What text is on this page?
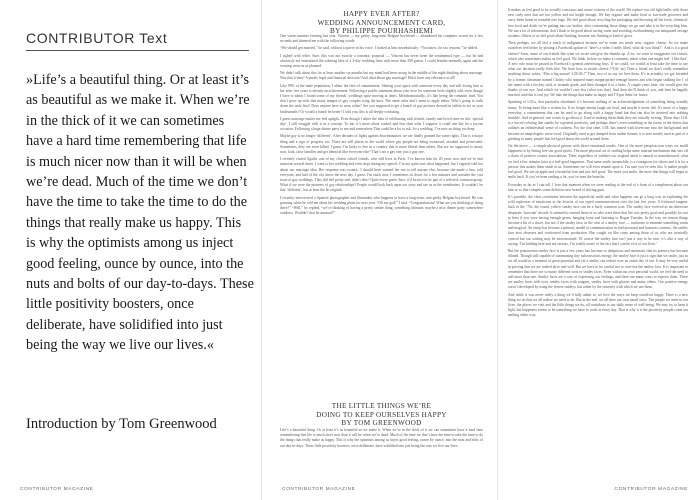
CONTRIBUTOR Text

»Life’s a beautiful thing. Or at least it’s as beautiful as we make it. When we’re in the thick of it we can sometimes have a hard time remembering that life is much nicer now than it will be when we’re dead. Much of the time we don’t have the time to take the time to do the things that really make us happy. This is why the optimists among us inject good feeling, ounce by ounce, into the nuts and bolts of our day-to-days. These little positivity boosters, once deliberate, have solidified into just being the way we live our lives.«

Introduction by Tom Greenwood

CONTRIBUTOR MAGAZINE

HAPPY EVER AFTER?

WEDDING ANNOUNCEMENT CARD,

BY PHILIPPE POURHASHEMI

One warm summer evening last year, Vincent — my geeky, long-term Belgian boyfriend — abandoned his computer screen for a few seconds and alarmed me with the following words:

“We should get married,” he said, without a quiver in his voice. I looked at him incredulously: “You know, for tax reasons,” he added.

I sighed with relief. Sure, this was not exactly a romantic proposal — Vincent has never been the sentimental type — but he had obviously not entertained the sobering idea of a 3-day wedding feast with more than 200 guests. I could breathe normally again and the evening went on as planned.

We didn’t talk about this for at least another six months but my mind had been racing in the middle of the night thinking about marriage. Was that it then? A purely legal and financial decision! And what about gay marriage? Did it have any relevance at all?

Like 99% of the male population, I abhor the idea of commitment. Sharing your space with someone every day and still loving him or her after five years is already an achievement. Following a public statement about your love for someone feels slightly odd, even though I have to admit I found some of my friends’ weddings quite moving at times. Melodramatically, it’s like being the romantic lead. You don’t grow up with that many images of gay couples tying the knot. The same rules don’t seem to apply either. Who’s going to walk down the aisle first? Does anyone have to wear white? Are you supposed to get a bunch of gay pictures dressed in taffeta to act as your bridesmaids? Or would a bunch be better? I told you, this is all deeply confusing.

I guess marriage makes me feel uptight. Even though I adore the idea of celebrating with friends, family and loved ones on this ‘special day’, I still struggle with it as a concept. To me, it’s more about control and fear than what I suppose it could one day be a joyous occasion. Following a huge dinner party to me and somewhere That could be a lot to ask. So a wedding, I’ve now no thing too deep.

Maybe gay is no longer ‘different’. After decades of fights against discrimination, we are finally granted the same rights. This is a major thing and a sign of progress too. There are still places in the world where gay people are being ostracised, insulted and persecuted. Sometimes, they are even killed. I guess I’m lucky to live in a country that is more liberal than others. But are we supposed to marry now, look, raise families and get identical like everyone else? That’s not a gay one, just a guy one.

I recently visited Agadir, one of my closest school friends, who still lives in Paris. I’ve known him for 20 years now and we’ve met innocent several times. I went to her wedding and even slept during my speech. I’m not quite sure what happened, but I vaguely told her about our marriage idea. Her response was ecstatic. I should have warned her not to tell anyone else, because she made a fuss, told everyone, and half of the city knew the next day. I guess I’m stuck now. I sometimes sit down for a few minutes and consider the cost issue of gay weddings. They did feel pretty real, didn’t they? Quite every guest. Sure, it’d be nice to be part of a selected, common group. What if we were the pioneers of gay relationships? People would look back upon our story and see us as the trendsetters. It wouldn’t be that ‘different’, but at least the be original.

I recently interviewed a Spanish photographer and filmmaker who happens to have a long-term, non-geeky Belgian boyfriend. He was grinning when he told me about his wedding plans for next year. “Oh my god!” I said. “Congratulations! What are you thinking of doing there?” “Well,” he replied, “we’re thinking of having a pretty sedate thing, something intimate, maybe a nice dinner party somewhere outdoors. Wouldn’t that be unusual?”

THE LITTLE THINGS WE’RE

DOING TO KEEP OURSELVES HAPPY

BY TOM GREENWOOD

Life’s a beautiful thing. Or at least it’s as beautiful as we make it. When we’re in the thick of it we can sometimes have a hard time remembering that life is much nicer now than it will be when we’re dead. Much of the time we don’t have the time to take the time to do the things that really make us happy. This is why the optimists among us inject good feeling, ounce by ounce, into the nuts and bolts of our day-to-days. These little positivity boosters, once deliberate, have solidified into just being the way we live our lives.

CONTRIBUTOR MAGAZINE

It makes us feel good to be socially conscious and aware citizens of the world. We replace our old light bulbs with those new curly ones that are too yellow and not bright enough. We buy organic and make local or fair-trade groceries and carry them home in reusable tote bags. We feel good about recycling the packaging and throwing all the fresh, chemical-free food and drink we’re putting into our bodies, after consuming those things we go and take it in the recycling bins. We use a lot of information, don’t flush to be good about saving water and avoiding overburdening our antiquated sewage systems. Others of us feel good about flushing, because not flushing is kind of gross.

Then perhaps, we all feel a touch of indignation because we’ve eaten too much sour, organic cheese. So we make ourselves feel better by posting a Facebook update of ‘here’s a video I really liked, what do you think?’. And is it a good cheese? Soon, some of our friends like what we wrote and give the thumbs up. A lot, we want to exaggerate our virtues, which also sometimes makes us feel good. We think, before we make a comment, about when one might feel ‘I like that’. A new rule must be passed in Facebook’s general advertising laws. If we could, we would at least take the time to say what our decision really feels like. We have how to match cheese (“Tile’ no) Then a friend we don’t really remember anything about writes, “Has a big mouse! LOLOL!” Then, two of us say we love them. It’s in actuality we got friended by a former classmate named Christy who inspired many inappropriate teenage boners and who began stalking the 1 of her name with a hockey stick or steamth grade, and then changed it to a heart. A couple years later, she would give the thanks of our eye. And which we couldn’t care less (what was that). And then she’ll think of you, and then be happily married, and that is real joy. We take the things that make us happy and I’ll put them for future.

Speaking of LOLs, that particular shorthand: it’s become nothing of an acknowledgement of something being actually funny. To being more like a written ha. If no longer means laugh out loud, and maybe it never did. It’s more of a happy everyday, a commitment that can be used to go along with a happy hand but that can also be inserted into nothing sensible. And in general, one writes to go about it. Used to making them think they are actually writing. These days LOL is a forced coloring that stands for a general positivity, and perhaps there’s even something in the forms of the letters that radiates an infinitesimal sense of coolness. For the first time, LOL has mated with lowercase into the background and become an unapologetic curse word. Originally used to get dumped from online forums, it is now mostly used as part of a greeting to many people that feel good about the world around them.

On the move — a simple physical gesture with direct emotional results. One of the more perspicacious ways we instill happiness is by letting free our good spirits. The more physical act of smiling helps some internal mechanism that sets off a chain of positive cosmic associations. Then, regardless of whether our original smile is natural or manufactured, what we feel a few minutes later is a feel-good happiness. That same smile, meanwhile, is a contagious for others and it is for a person: this makes them smile at us. Sometimes we will even remark upon it. I’m sure you’ve seen this. It makes people feel good. We see an apple and a beautiful fruit and just feel good. The more you smile, the more that things will begin to smile back. If you’ve been smiling a lot, you’ve seen the benefits.

Everyday as far as I can tell, I love that moment when we were reading at the end of a form of a compliment about our hair or so that compels some delicious new brand of driving gum.

It’s possible, the clear correlation between the superficial smile and what happens can go a long way in explaining the wild explosion of emoticons in the lexicon of our typed communications over the last few years. A frictional tangent: back in the ’70s, the round, yellow smiley face can be a fairly common icon. The smiley face evolved as an otherwise desperate ‘brownie’ decade. It seemed to remind those of us who were there that life was pretty good and possibly for not at least if you were having enough green, hanging loose and listening to Rogue Tuesday. In the way we reason things become a bit of a chore, but not if the smiley face, in the case of a smiley face — continues to emanate something warm and magical. An emoji has become a primary model of communication in both personal and business contexts, the smiley face now obsesses and confronted from production. Has caught on like crazy among those of us who are ironically cynical but our writing may be misconstrued. Of course the smiley face isn’t just a way to be nice, it’s also a way of saying ‘I’m kidding here and not serious, I’m totally aware of the fact that I can be a lot of our lives.’

But the punctuation smiley face is just a few years has become so ubiquitous and automatic that its potency has become diluted. Though still capable of summoning tiny subconscious energy, the smiley face is just a sign that we smile, just as we all would in a moment of great potential and yet a smiley can reduce over an entire day of use. It may be very useful in proving that we are indeed alive and well. But we have to be careful not to over-use the smiley face. It is important to remember that there are so many different sorts of smiley faces. Even within our own personal world, we feel the need to add more than one. Smiley faces are a way of expressing our feelings, and there are many ways to express them. There are smiley faces with eyes, smiley faces with tongues, smiley faces with glasses and many others. Our positive energy wasn’t developed by using the fewest smileys, but rather by the sincerity with which we use them.

And while it was never really a thing we’d fully admit to, we love the ways we keep ourselves happy. There is a new thing we do that we all realize we need to do. But in the end, we all have our own small ways. The people we meet in our lives, the places we visit and the little things we do, all contribute to our daily sense of well-being. We may try to keep it light, but happiness seems to be something we have to work at every day. That is why it is the positivity people come out smiling either way.

CONTRIBUTOR MAGAZINE
